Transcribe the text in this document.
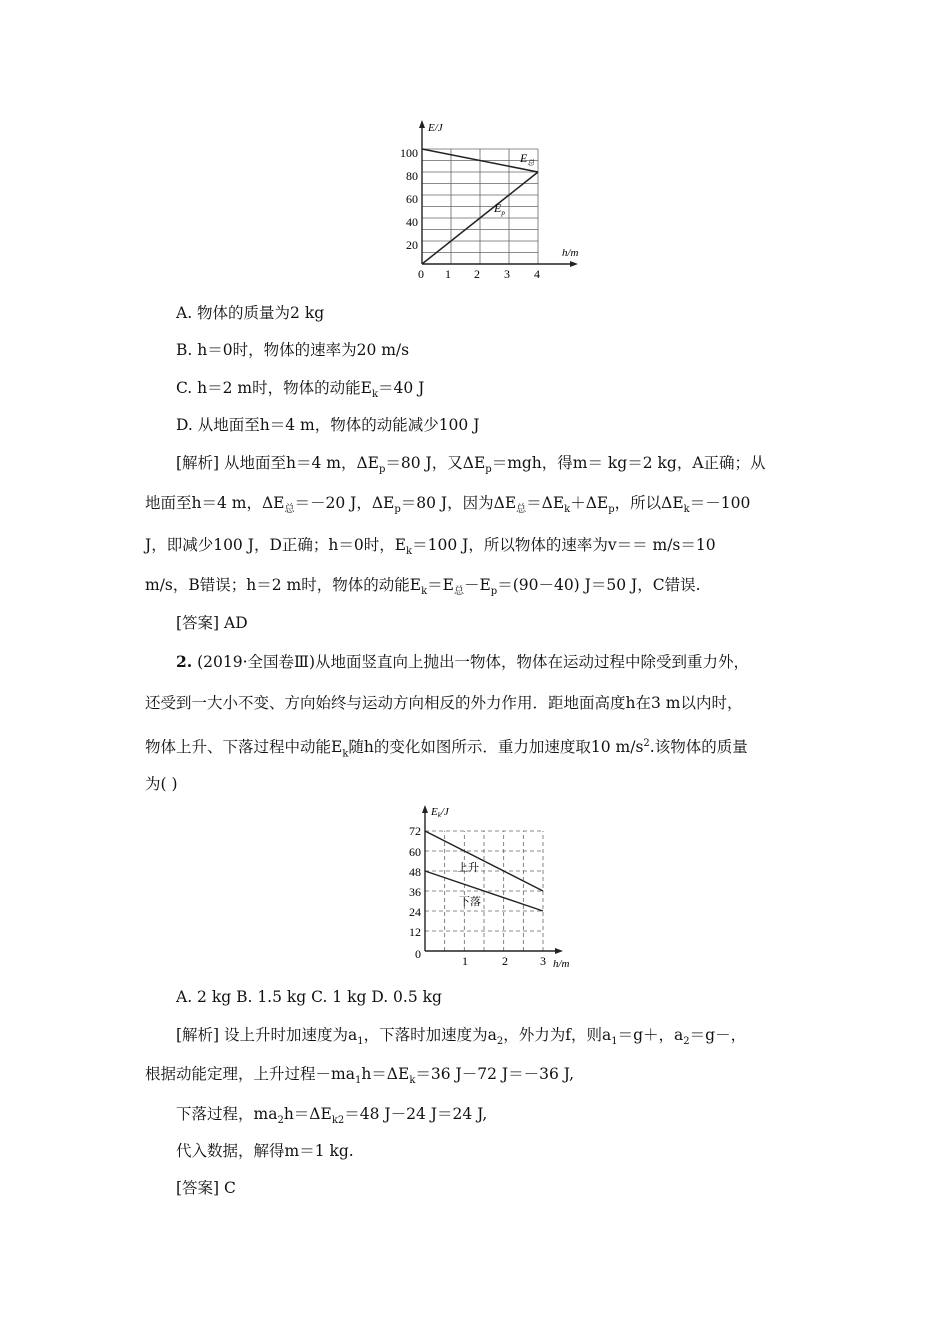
E/J
h/m
100
80
60
40
20
0 1 2 3 4
$E_总$
$E_p$
A. 物体的质量为2 kg
B. h＝0时，物体的速率为20 m/s
C. h＝2 m时，物体的动能$E_k=40$ J
D. 从地面至h＝4 m，物体的动能减少100 J
[解析] 从地面至h＝4 m，$\Delta E_p=80$ J，又$\Delta E_p=mgh$，得m＝ kg＝2 kg，A正确；从
地面至h＝4 m，$\Delta E_总=-20$ J，$\Delta E_p=80$ J，因为$\Delta E_总=\Delta E_k+\Delta E_p$，所以$\Delta E_k=-100$
J，即减少100 J，D正确；h＝0时，$E_k=100$ J，所以物体的速率为v＝＝ m/s＝10
m/s，B错误；h＝2 m时，物体的动能$E_k=E_总-E_p=(90-40)$ J＝50 J，C错误.
[答案] AD
2. (2019·全国卷Ⅲ)从地面竖直向上抛出一物体，物体在运动过程中除受到重力外，
还受到一大小不变、方向始终与运动方向相反的外力作用．距地面高度h在3 m以内时，
物体上升、下落过程中动能$E_k$随h的变化如图所示．重力加速度取10 $m/s^2$.该物体的质量
为( )
Ek/J
h/m
72
60
48
36
24
12
0	1	2	3
上升
下落
A. 2 kg B. 1.5 kg C. 1 kg D. 0.5 kg
[解析] 设上升时加速度为$a_1$，下落时加速度为$a_2$，外力为f，则$a_1=g+$，$a_2=g-$，
根据动能定理，上升过程$-ma_1h=\Delta E_k=36$ J－72 J＝－36 J,
下落过程，$ma_2h=\Delta E_{k2}=48$ J－24 J＝24 J,
代入数据，解得m＝1 kg.
[答案] C
